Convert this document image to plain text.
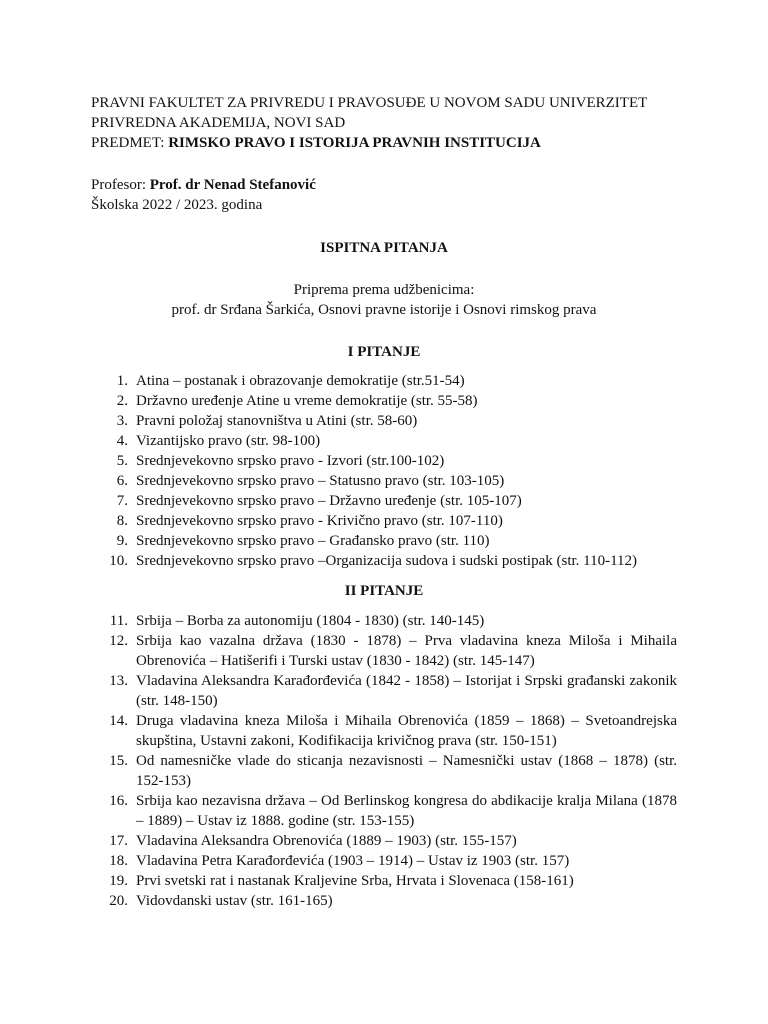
PRAVNI FAKULTET ZA PRIVREDU I PRAVOSUĐE U NOVOM SADU UNIVERZITET
PRIVREDNA AKADEMIJA, NOVI SAD
PREDMET: RIMSKO PRAVO I ISTORIJA PRAVNIH INSTITUCIJA
Profesor: Prof. dr Nenad Stefanović
Školska 2022 / 2023. godina
ISPITNA PITANJA
Priprema prema udžbenicima:
prof. dr Srđana Šarkića, Osnovi pravne istorije i Osnovi rimskog prava
I PITANJE
1. Atina – postanak i obrazovanje demokratije (str.51-54)
2. Državno uređenje Atine u vreme demokratije (str. 55-58)
3. Pravni položaj stanovništva u Atini (str. 58-60)
4. Vizantijsko pravo (str. 98-100)
5. Srednjevekovno srpsko pravo - Izvori (str.100-102)
6. Srednjevekovno srpsko pravo – Statusno pravo (str. 103-105)
7. Srednjevekovno srpsko pravo – Državno uređenje (str. 105-107)
8. Srednjevekovno srpsko pravo - Krivično pravo (str. 107-110)
9. Srednjevekovno srpsko pravo – Građansko pravo (str. 110)
10. Srednjevekovno srpsko pravo –Organizacija sudova i sudski postipak (str. 110-112)
II PITANJE
11. Srbija – Borba za autonomiju (1804 - 1830) (str. 140-145)
12. Srbija kao vazalna država (1830 - 1878) – Prva vladavina kneza Miloša i Mihaila Obrenovića – Hatišerifi i Turski ustav (1830 - 1842) (str. 145-147)
13. Vladavina Aleksandra Karađorđevića (1842 - 1858) – Istorijat i Srpski građanski zakonik (str. 148-150)
14. Druga vladavina kneza Miloša i Mihaila Obrenovića (1859 – 1868) – Svetoandrejska skupština, Ustavni zakoni, Kodifikacija krivičnog prava (str. 150-151)
15. Od namesničke vlade do sticanja nezavisnosti – Namesnički ustav (1868 – 1878) (str. 152-153)
16. Srbija kao nezavisna država – Od Berlinskog kongresa do abdikacije kralja Milana (1878 – 1889) – Ustav iz 1888. godine (str. 153-155)
17. Vladavina Aleksandra Obrenovića (1889 – 1903) (str. 155-157)
18. Vladavina Petra Karađorđevića (1903 – 1914) – Ustav iz 1903 (str. 157)
19. Prvi svetski rat i nastanak Kraljevine Srba, Hrvata i Slovenaca (158-161)
20. Vidovdanski ustav (str. 161-165)
